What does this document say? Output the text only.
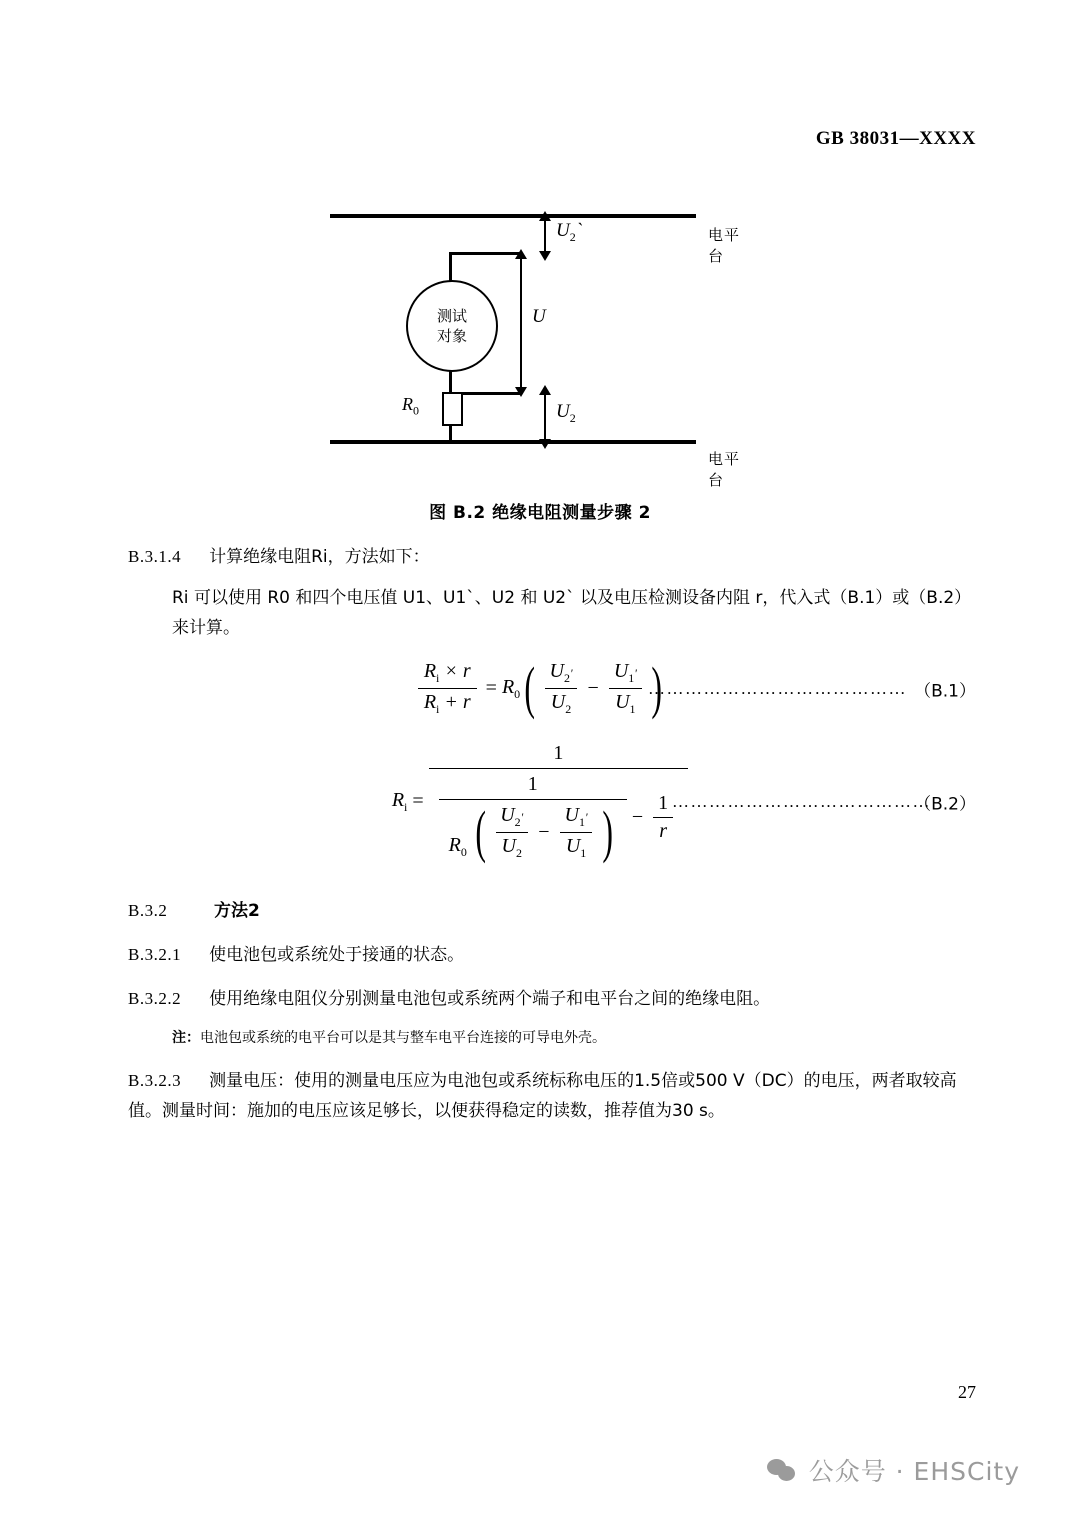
GB 38031—XXXX
电平台
电平台
测试
对象
$R_0$
$U_2`$
U
$U_2$
图 B.2 绝缘电阻测量步骤 2
B.3.1.4 计算绝缘电阻Ri，方法如下：
Ri 可以使用 R0 和四个电压值 U1、U1`、U2 和 U2` 以及电压检测设备内阻 r，代入式（B.1）或（B.2）来计算。
$\frac{R_i \times r}{R_i + r} = R_0$ ( $\frac{U_2'}{U_2} - \frac{U_1'}{U_1}$ )
…………………………………… （B.1）
$R_i$ =
1
1
$R_0$ ( $\frac{U_2'}{U_2} - \frac{U_1'}{U_1}$ ) − $\frac{1}{r}$
……………………………………
（B.2）
B.3.2	方法2
B.3.2.1 使电池包或系统处于接通的状态。
B.3.2.2 使用绝缘电阻仪分别测量电池包或系统两个端子和电平台之间的绝缘电阻。
注：电池包或系统的电平台可以是其与整车电平台连接的可导电外壳。
B.3.2.3 测量电压：使用的测量电压应为电池包或系统标称电压的1.5倍或500 V（DC）的电压，两者取较高值。测量时间：施加的电压应该足够长，以便获得稳定的读数，推荐值为30 s。
27
公众号 · EHSCity
